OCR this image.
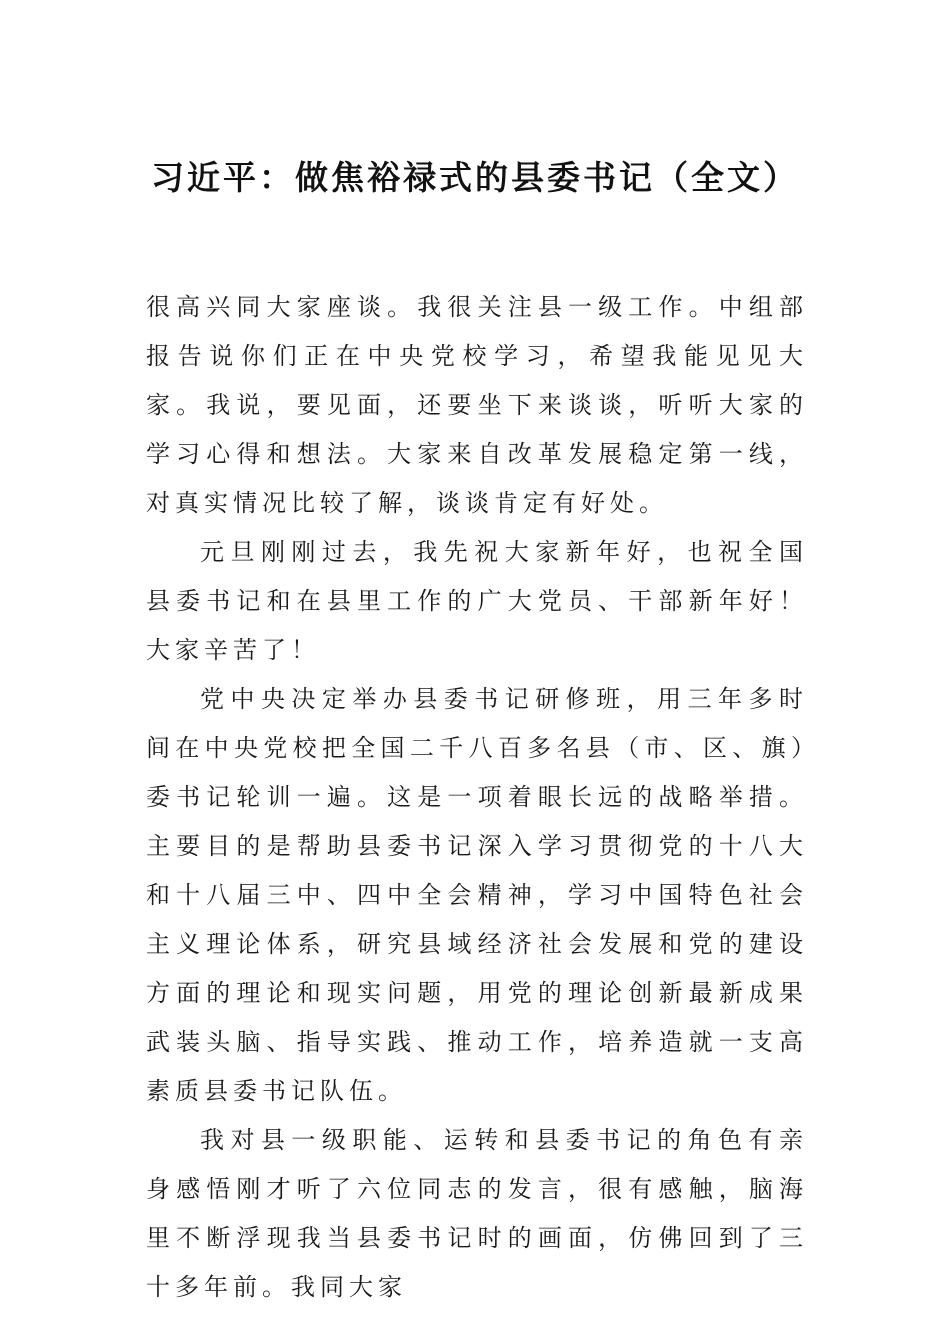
习近平：做焦裕禄式的县委书记（全文）

很高兴同大家座谈。我很关注县一级工作。中组部报告说你们正在中央党校学习，希望我能见见大家。我说，要见面，还要坐下来谈谈，听听大家的学习心得和想法。大家来自改革发展稳定第一线，对真实情况比较了解，谈谈肯定有好处。

元旦刚刚过去，我先祝大家新年好，也祝全国县委书记和在县里工作的广大党员、干部新年好！大家辛苦了！

党中央决定举办县委书记研修班，用三年多时间在中央党校把全国二千八百多名县（市、区、旗）委书记轮训一遍。这是一项着眼长远的战略举措。主要目的是帮助县委书记深入学习贯彻党的十八大和十八届三中、四中全会精神，学习中国特色社会主义理论体系，研究县域经济社会发展和党的建设方面的理论和现实问题，用党的理论创新最新成果武装头脑、指导实践、推动工作，培养造就一支高素质县委书记队伍。

我对县一级职能、运转和县委书记的角色有亲身感悟刚才听了六位同志的发言，很有感触，脑海里不断浮现我当县委书记时的画面，仿佛回到了三十多年前。我同大家
